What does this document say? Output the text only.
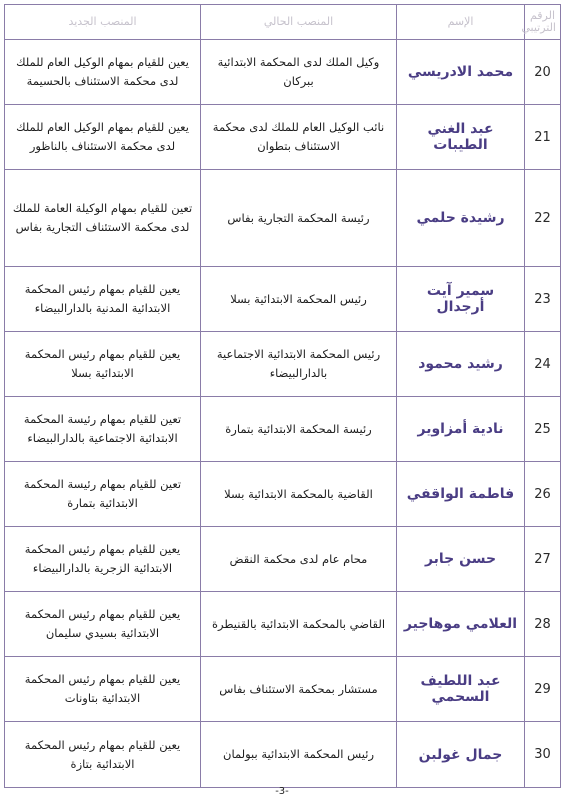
الرقم الترتيبي	الإسم	المنصب الحالي	المنصب الجديد
20	محمد الادريسي	وكيل الملك لدى المحكمة الابتدائية ببركان	يعين للقيام بمهام الوكيل العام للملك لدى محكمة الاستئناف بالحسيمة
21	عبد الغني الطيبات	نائب الوكيل العام للملك لدى محكمة الاستئناف بتطوان	يعين للقيام بمهام الوكيل العام للملك لدى محكمة الاستئناف بالناظور
22	رشيدة حلمي	رئيسة المحكمة التجارية بفاس	تعين للقيام بمهام الوكيلة العامة للملك لدى محكمة الاستئناف التجارية بفاس
23	سمير آيت أرجدال	رئيس المحكمة الابتدائية بسلا	يعين للقيام بمهام رئيس المحكمة الابتدائية المدنية بالدارالبيضاء
24	رشيد محمود	رئيس المحكمة الابتدائية الاجتماعية بالدارالبيضاء	يعين للقيام بمهام رئيس المحكمة الابتدائية بسلا
25	نادية أمزاوير	رئيسة المحكمة الابتدائية بتمارة	تعين للقيام بمهام رئيسة المحكمة الابتدائية الاجتماعية بالدارالبيضاء
26	فاطمة الواقفي	القاضية بالمحكمة الابتدائية بسلا	تعين للقيام بمهام رئيسة المحكمة الابتدائية بتمارة
27	حسن جابر	محام عام لدى محكمة النقض	يعين للقيام بمهام رئيس المحكمة الابتدائية الزجرية بالدارالبيضاء
28	العلامي موهاجير	القاضي بالمحكمة الابتدائية بالقنيطرة	يعين للقيام بمهام رئيس المحكمة الابتدائية بسيدي سليمان
29	عبد اللطيف السحمي	مستشار بمحكمة الاستئناف بفاس	يعين للقيام بمهام رئيس المحكمة الابتدائية بتاونات
30	جمال غولبن	رئيس المحكمة الابتدائية ببولمان	يعين للقيام بمهام رئيس المحكمة الابتدائية بتازة
-3-
